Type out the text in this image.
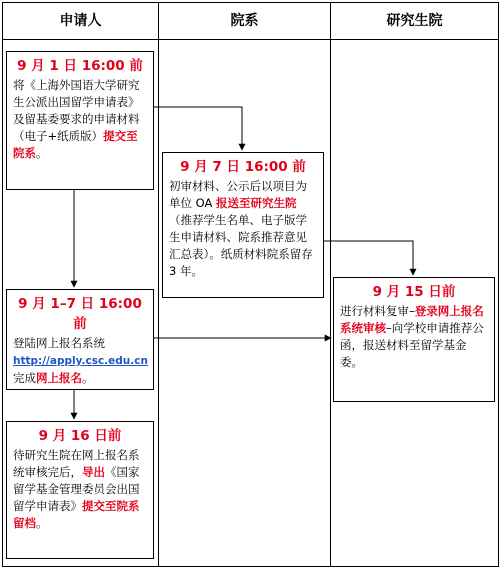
申请人	院系	研究生院
9 月 1 日 16:00 前
将《上海外国语大学研究生公派出国留学申请表》及留基委要求的申请材料（电子+纸质版）提交至院系。
9 月 7 日 16:00 前
初审材料、公示后以项目为单位 OA 报送至研究生院（推荐学生名单、电子版学生申请材料、院系推荐意见汇总表）。纸质材料院系留存 3 年。
9 月 1–7 日 16:00 前
登陆网上报名系统
http://apply.csc.edu.cn 完成网上报名。
9 月 15 日前
进行材料复审–登录网上报名系统审核–向学校申请推荐公函，报送材料至留学基金委。
9 月 16 日前
待研究生院在网上报名系统审核完后，导出《国家留学基金管理委员会出国留学申请表》提交至院系留档。
